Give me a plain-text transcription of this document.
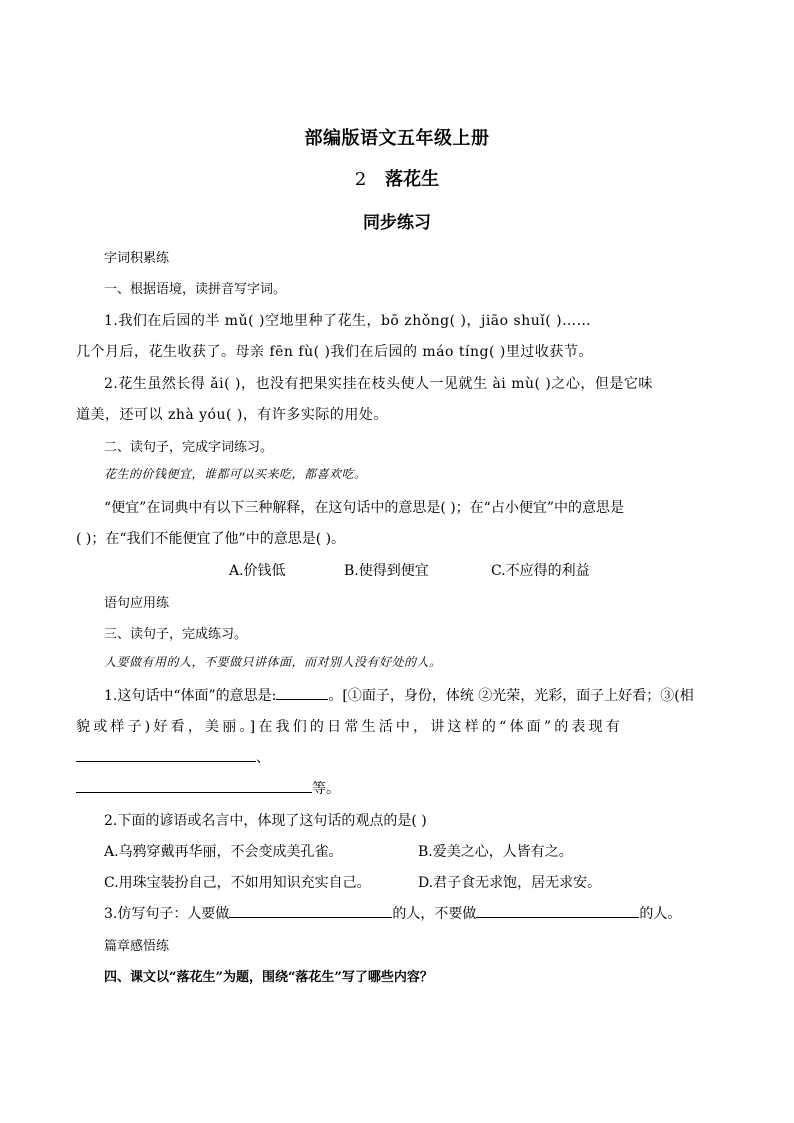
部编版语文五年级上册
2 落花生
同步练习
字词积累练
一、根据语境，读拼音写字词。
1.我们在后园的半 mǔ( )空地里种了花生，bō zhǒng( )，jiāo shuǐ( )……
几个月后，花生收获了。母亲 fēn fù( )我们在后园的 máo tíng( )里过收获节。
2.花生虽然长得 ǎi( )，也没有把果实挂在枝头使人一见就生 ài mù( )之心，但是它味
道美，还可以 zhà yóu( )，有许多实际的用处。
二、读句子，完成字词练习。
花生的价钱便宜，谁都可以买来吃，都喜欢吃。
“便宜”在词典中有以下三种解释，在这句话中的意思是( )；在“占小便宜”中的意思是
( )；在“我们不能便宜了他”中的意思是( )。
A.价钱低	B.使得到便宜	C.不应得的利益
语句应用练
三、读句子，完成练习。
人要做有用的人，不要做只讲体面，而对别人没有好处的人。
1.这句话中“体面”的意思是:	。[①面子，身份，体统 ②光荣，光彩，面子上好看；③(相
貌或样子)好看，美丽。]在我们的日常生活中，讲这样的“体面”的表现有
、
等。
2.下面的谚语或名言中，体现了这句话的观点的是( )
A.乌鸦穿戴再华丽，不会变成美孔雀。	B.爱美之心，人皆有之。
C.用珠宝装扮自己，不如用知识充实自己。	D.君子食无求饱，居无求安。
3.仿写句子：人要做	的人，不要做	的人。
篇章感悟练
四、课文以“落花生”为题，围绕“落花生”写了哪些内容？
